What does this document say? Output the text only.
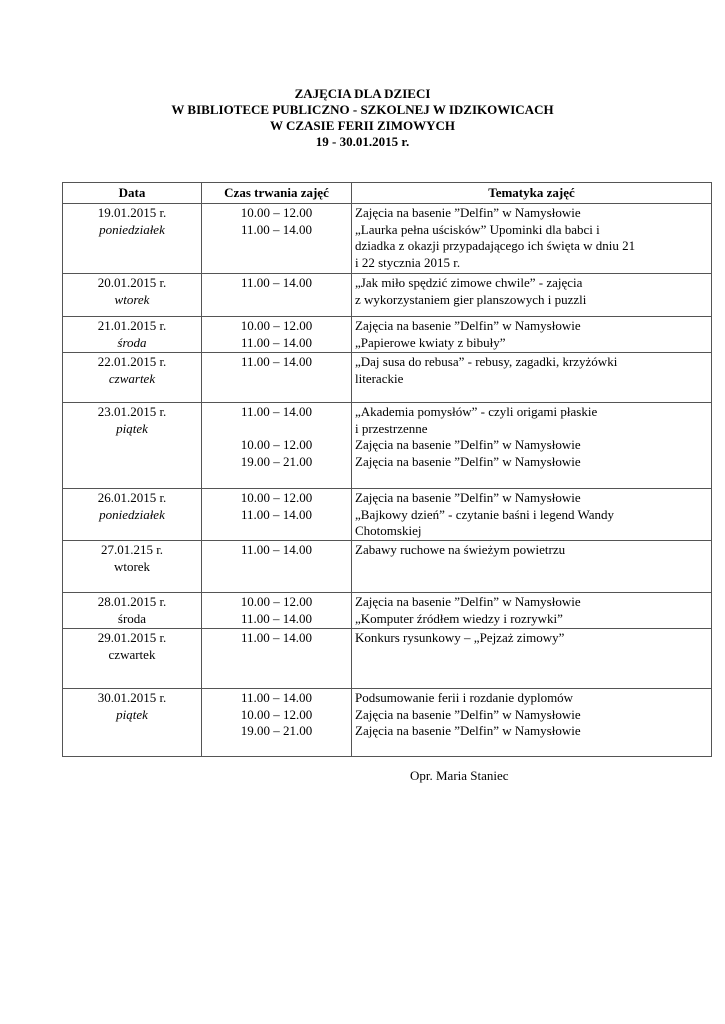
ZAJĘCIA DLA DZIECI
W BIBLIOTECE PUBLICZNO - SZKOLNEJ W IDZIKOWICACH
W CZASIE FERII ZIMOWYCH
19 - 30.01.2015 r.
Data	Czas trwania zajęć	Tematyka zajęć

19.01.2015 r.
poniedziałek	10.00 – 12.00
11.00 – 14.00	Zajęcia na basenie ”Delfin” w Namysłowie
„Laurka pełna uścisków” Upominki dla babci i
dziadka z okazji przypadającego ich święta w dniu 21
i 22 stycznia 2015 r.

20.01.2015 r.
wtorek	11.00 – 14.00	„Jak miło spędzić zimowe chwile” - zajęcia
z wykorzystaniem gier planszowych i puzzli

21.01.2015 r.
środa	10.00 – 12.00
11.00 – 14.00	Zajęcia na basenie ”Delfin” w Namysłowie
„Papierowe kwiaty z bibuły”

22.01.2015 r.
czwartek	11.00 – 14.00	„Daj susa do rebusa” - rebusy, zagadki, krzyżówki
literackie

23.01.2015 r.
piątek	11.00 – 14.00
10.00 – 12.00
19.00 – 21.00	„Akademia pomysłów” - czyli origami płaskie
i przestrzenne
Zajęcia na basenie ”Delfin” w Namysłowie
Zajęcia na basenie ”Delfin” w Namysłowie

26.01.2015 r.
poniedziałek	10.00 – 12.00
11.00 – 14.00	Zajęcia na basenie ”Delfin” w Namysłowie
„Bajkowy dzień” - czytanie baśni i legend Wandy
Chotomskiej

27.01.215 r.
wtorek	11.00 – 14.00	Zabawy ruchowe na świeżym powietrzu

28.01.2015 r.
środa	10.00 – 12.00
11.00 – 14.00	Zajęcia na basenie ”Delfin” w Namysłowie
„Komputer źródłem wiedzy i rozrywki”

29.01.2015 r.
czwartek	11.00 – 14.00	Konkurs rysunkowy – „Pejzaż zimowy”

30.01.2015 r.
piątek	11.00 – 14.00
10.00 – 12.00
19.00 – 21.00	Podsumowanie ferii i rozdanie dyplomów
Zajęcia na basenie ”Delfin” w Namysłowie
Zajęcia na basenie ”Delfin” w Namysłowie
Opr. Maria Staniec
